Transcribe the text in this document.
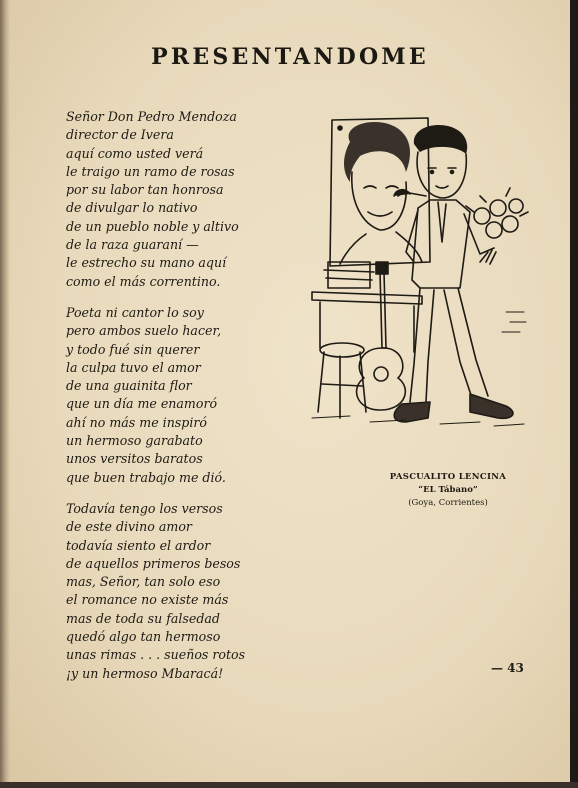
PRESENTANDOME
Señor Don Pedro Mendoza
director de Ivera
aquí como usted verá
le traigo un ramo de rosas
por su labor tan honrosa
de divulgar lo nativo
de un pueblo noble y altivo
de la raza guaraní —
le estrecho su mano aquí
como el más correntino.
Poeta ni cantor lo soy
pero ambos suelo hacer,
y todo fué sin querer
la culpa tuvo el amor
de una guainita flor
que un día me enamoró
ahí no más me inspiró
un hermoso garabato
unos versitos baratos
que buen trabajo me dió.
Todavía tengo los versos
de este divino amor
todavía siento el ardor
de aquellos primeros besos
mas, Señor, tan solo eso
el romance no existe más
mas de toda su falsedad
quedó algo tan hermoso
unas rimas . . . sueños rotos
¡y un hermoso Mbaracá!
PASCUALITO LENCINA
“EL Tábano”
(Goya, Corrientes)
— 43
